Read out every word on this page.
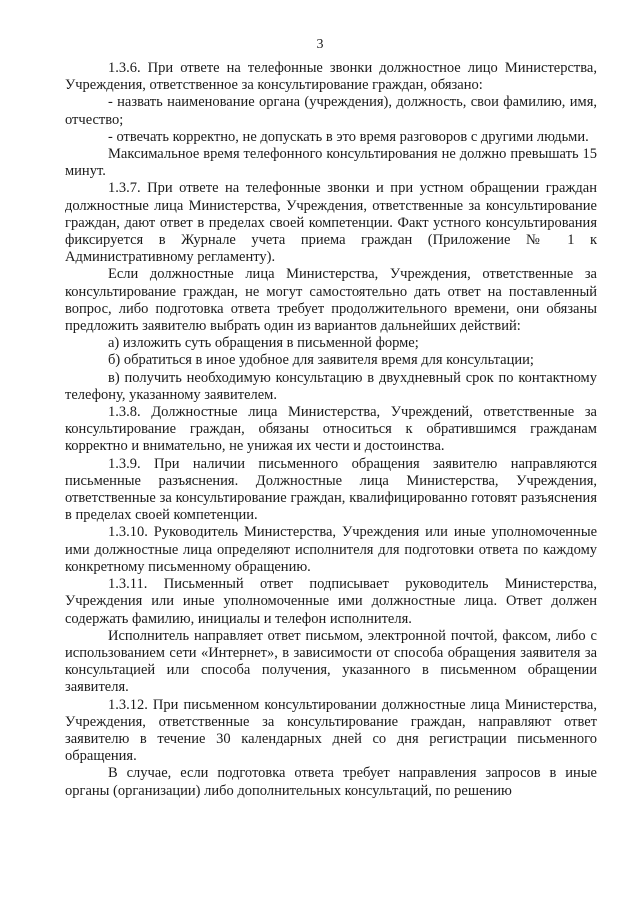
3

1.3.6. При ответе на телефонные звонки должностное лицо Министерства, Учреждения, ответственное за консультирование граждан, обязано:

- назвать наименование органа (учреждения), должность, свои фамилию, имя, отчество;

- отвечать корректно, не допускать в это время разговоров с другими людьми.

Максимальное время телефонного консультирования не должно превышать 15 минут.

1.3.7. При ответе на телефонные звонки и при устном обращении граждан должностные лица Министерства, Учреждения, ответственные за консультирование граждан, дают ответ в пределах своей компетенции. Факт устного консультирования фиксируется в Журнале учета приема граждан (Приложение № 1 к Административному регламенту).

Если должностные лица Министерства, Учреждения, ответственные за консультирование граждан, не могут самостоятельно дать ответ на поставленный вопрос, либо подготовка ответа требует продолжительного времени, они обязаны предложить заявителю выбрать один из вариантов дальнейших действий:

а) изложить суть обращения в письменной форме;

б) обратиться в иное удобное для заявителя время для консультации;

в) получить необходимую консультацию в двухдневный срок по контактному телефону, указанному заявителем.

1.3.8. Должностные лица Министерства, Учреждений, ответственные за консультирование граждан, обязаны относиться к обратившимся гражданам корректно и внимательно, не унижая их чести и достоинства.

1.3.9. При наличии письменного обращения заявителю направляются письменные разъяснения. Должностные лица Министерства, Учреждения, ответственные за консультирование граждан, квалифицированно готовят разъяснения в пределах своей компетенции.

1.3.10. Руководитель Министерства, Учреждения или иные уполномоченные ими должностные лица определяют исполнителя для подготовки ответа по каждому конкретному письменному обращению.

1.3.11. Письменный ответ подписывает руководитель Министерства, Учреждения или иные уполномоченные ими должностные лица. Ответ должен содержать фамилию, инициалы и телефон исполнителя.

Исполнитель направляет ответ письмом, электронной почтой, факсом, либо с использованием сети «Интернет», в зависимости от способа обращения заявителя за консультацией или способа получения, указанного в письменном обращении заявителя.

1.3.12. При письменном консультировании должностные лица Министерства, Учреждения, ответственные за консультирование граждан, направляют ответ заявителю в течение 30 календарных дней со дня регистрации письменного обращения.

В случае, если подготовка ответа требует направления запросов в иные органы (организации) либо дополнительных консультаций, по решению
